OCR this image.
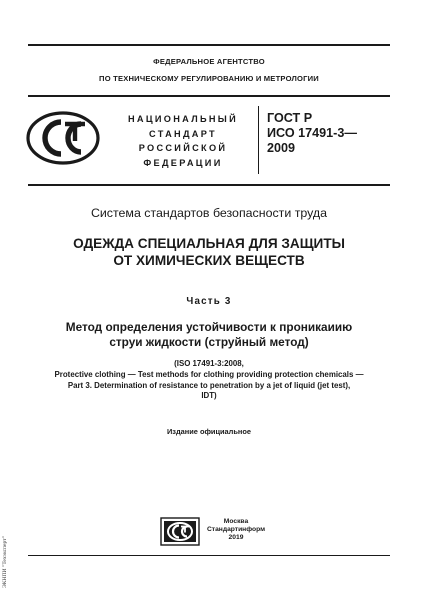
ФЕДЕРАЛЬНОЕ АГЕНТСТВО
ПО ТЕХНИЧЕСКОМУ РЕГУЛИРОВАНИЮ И МЕТРОЛОГИИ
НАЦИОНАЛЬНЫЙ
СТАНДАРТ
РОССИЙСКОЙ
ФЕДЕРАЦИИ
ГОСТ Р
ИСО 17491-3—
2009
Система стандартов безопасности труда
ОДЕЖДА СПЕЦИАЛЬНАЯ ДЛЯ ЗАЩИТЫ
ОТ ХИМИЧЕСКИХ ВЕЩЕСТВ
Часть 3
Метод определения устойчивости к проникаиию
струи жидкости (струйный метод)
(ISO 17491-3:2008,
Protective clothing — Test methods for clothing providing protection chemicals —
Part 3. Determination of resistance to penetration by a jet of liquid (jet test),
IDT)
Издание официальное
Москва
Стандартинформ
2019
ЭКНПИ "Техэксперт"
